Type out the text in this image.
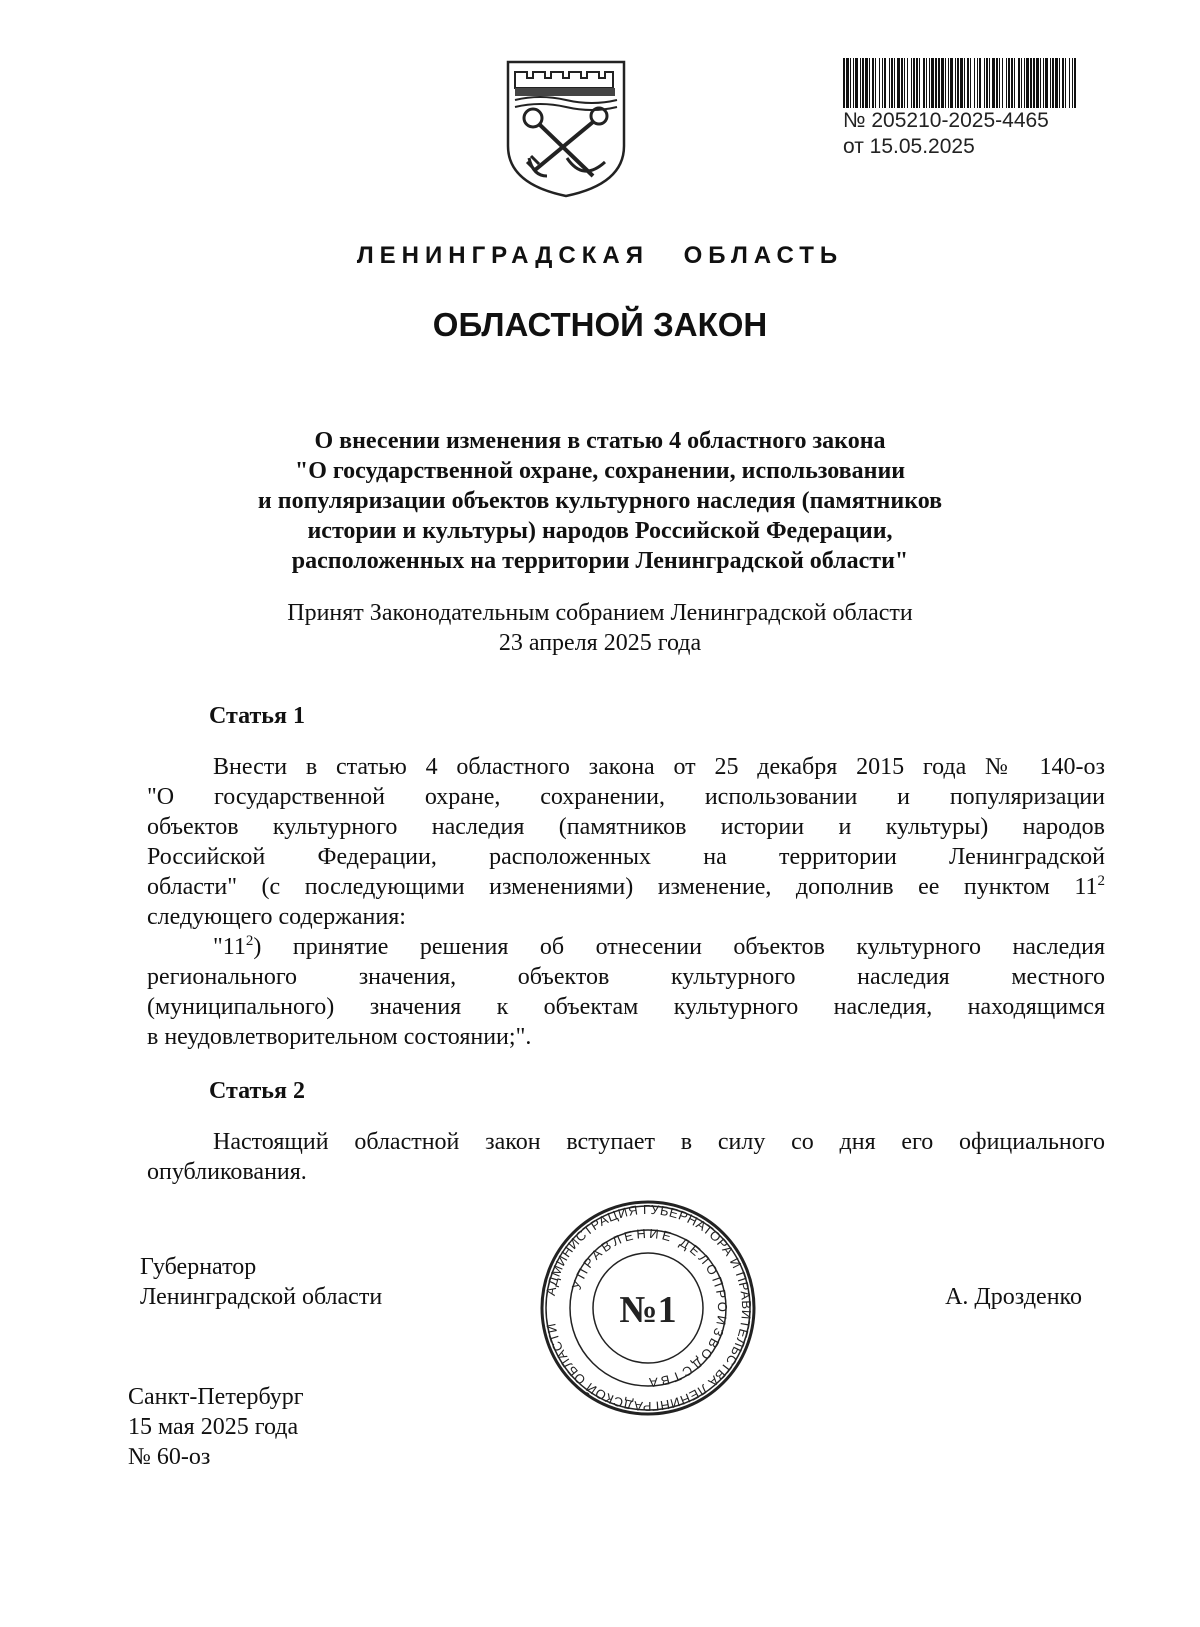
№ 205210-2025-4465
от 15.05.2025
ЛЕНИНГРАДСКАЯ ОБЛАСТЬ
ОБЛАСТНОЙ ЗАКОН
О внесении изменения в статью 4 областного закона
"О государственной охране, сохранении, использовании
и популяризации объектов культурного наследия (памятников
истории и культуры) народов Российской Федерации,
расположенных на территории Ленинградской области"
Принят Законодательным собранием Ленинградской области
23 апреля 2025 года
Статья 1
Внести в статью 4 областного закона от 25 декабря 2015 года № 140-оз
"О государственной охране, сохранении, использовании и популяризации
объектов культурного наследия (памятников истории и культуры) народов
Российской Федерации, расположенных на территории Ленинградской
области" (с последующими изменениями) изменение, дополнив ее пунктом $11^2$
следующего содержания:
"$11^2$) принятие решения об отнесении объектов культурного наследия
регионального значения, объектов культурного наследия местного
(муниципального) значения к объектам культурного наследия, находящимся
в неудовлетворительном состоянии;".
Статья 2
Настоящий областной закон вступает в силу со дня его официального
опубликования.
Губернатор
Ленинградской области	А. Дрозденко
АДМИНИСТРАЦИЯ ГУБЕРНАТОРА И ПРАВИТЕЛЬСТВА ЛЕНИНГРАДСКОЙ ОБЛАСТИ
УПРАВЛЕНИЕ ДЕЛОПРОИЗВОДСТВА
№1
Санкт-Петербург
15 мая 2025 года
№ 60-оз
